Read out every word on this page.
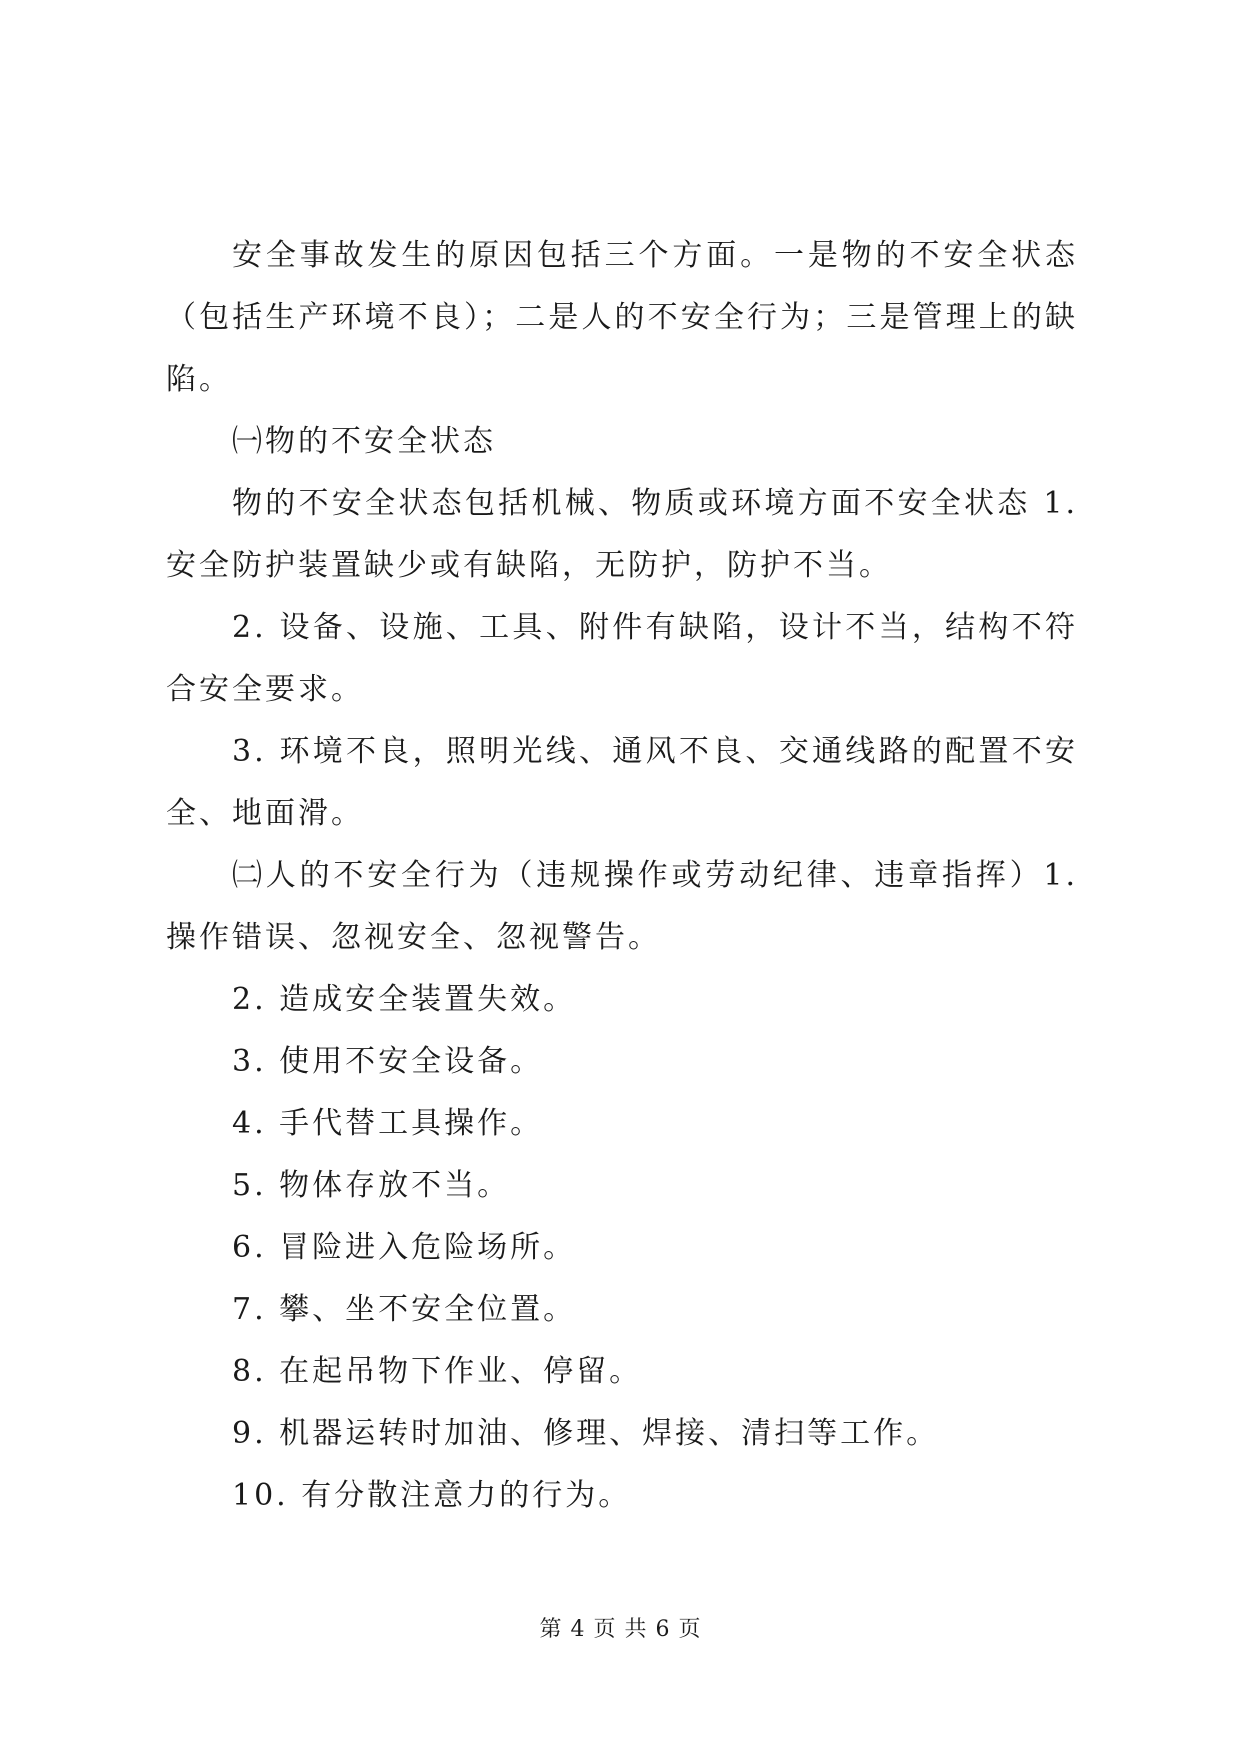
安全事故发生的原因包括三个方面。一是物的不安全状态（包括生产环境不良）；二是人的不安全行为；三是管理上的缺陷。

㈠物的不安全状态

物的不安全状态包括机械、物质或环境方面不安全状态 1. 安全防护装置缺少或有缺陷，无防护，防护不当。

2. 设备、设施、工具、附件有缺陷，设计不当，结构不符合安全要求。

3. 环境不良，照明光线、通风不良、交通线路的配置不安全、地面滑。

㈡人的不安全行为（违规操作或劳动纪律、违章指挥）1. 操作错误、忽视安全、忽视警告。

2. 造成安全装置失效。

3. 使用不安全设备。

4. 手代替工具操作。

5. 物体存放不当。

6. 冒险进入危险场所。

7. 攀、坐不安全位置。

8. 在起吊物下作业、停留。

9. 机器运转时加油、修理、焊接、清扫等工作。

10. 有分散注意力的行为。

第 4 页 共 6 页
